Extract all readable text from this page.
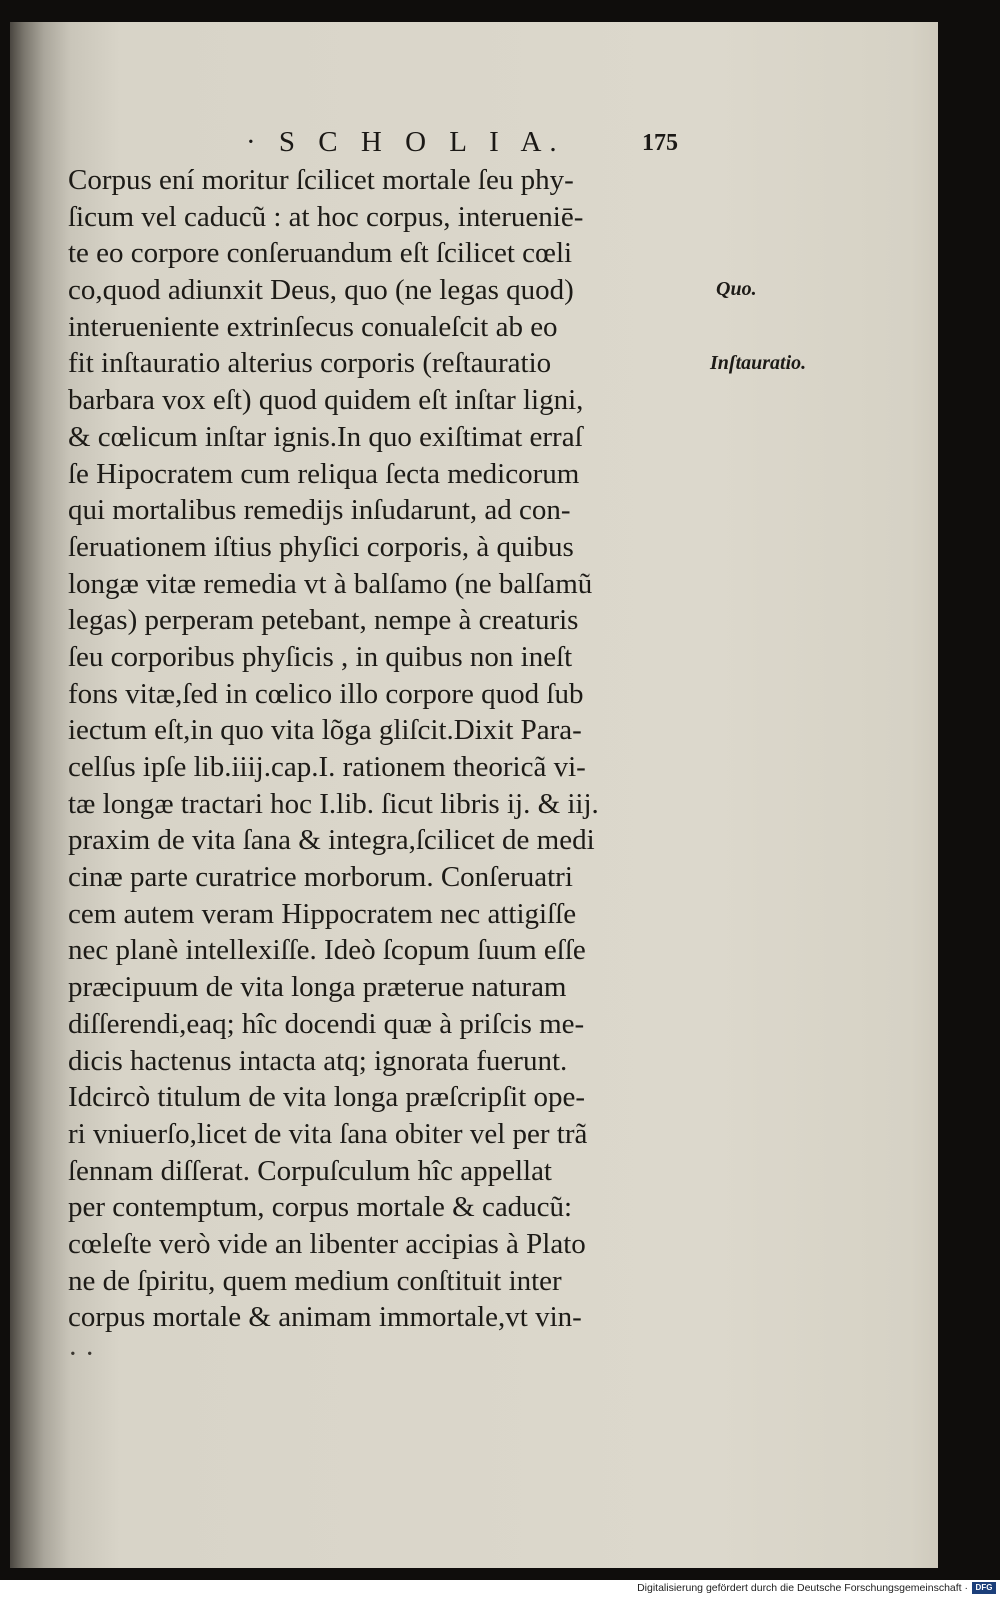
· S C H O L I A.	175
Corpus ení moritur ſcilicet mortale ſeu phy-
ſicum vel caducũ : at hoc corpus, interueniē-
te eo corpore conſeruandum eſt ſcilicet cœli
co,quod adiunxit Deus, quo (ne legas quod)
interueniente extrinſecus conualeſcit ab eo
fit inſtauratio alterius corporis (reſtauratio
barbara vox eſt) quod quidem eſt inſtar ligni,
& cœlicum inſtar ignis.In quo exiſtimat erraſ
ſe Hipocratem cum reliqua ſecta medicorum
qui mortalibus remedijs inſudarunt, ad con-
ſeruationem iſtius phyſici corporis, à quibus
longæ vitæ remedia vt à balſamo (ne balſamũ
legas) perperam petebant, nempe à creaturis
ſeu corporibus phyſicis , in quibus non ineſt
fons vitæ,ſed in cœlico illo corpore quod ſub
iectum eſt,in quo vita lõga gliſcit.Dixit Para-
celſus ipſe lib.iiij.cap.I. rationem theoricã vi-
tæ longæ tractari hoc I.lib. ſicut libris ij. & iij.
praxim de vita ſana & integra,ſcilicet de medi
cinæ parte curatrice morborum. Conſeruatri
cem autem veram Hippocratem nec attigiſſe
nec planè intellexiſſe. Ideò ſcopum ſuum eſſe
præcipuum de vita longa præterue naturam
diſſerendi,eaq; hîc docendi quæ à priſcis me-
dicis hactenus intacta atq; ignorata fuerunt.
Idcircò titulum de vita longa præſcripſit ope-
ri vniuerſo,licet de vita ſana obiter vel per trã
ſennam diſſerat. Corpuſculum hîc appellat
per contemptum, corpus mortale & caducũ:
cœleſte verò vide an libenter accipias à Plato
ne de ſpiritu, quem medium conſtituit inter
corpus mortale & animam immortale,vt vin-
· ·
Quo.
Inſtauratio.
Digitalisierung gefördert durch die Deutsche Forschungsgemeinschaft · DFG
